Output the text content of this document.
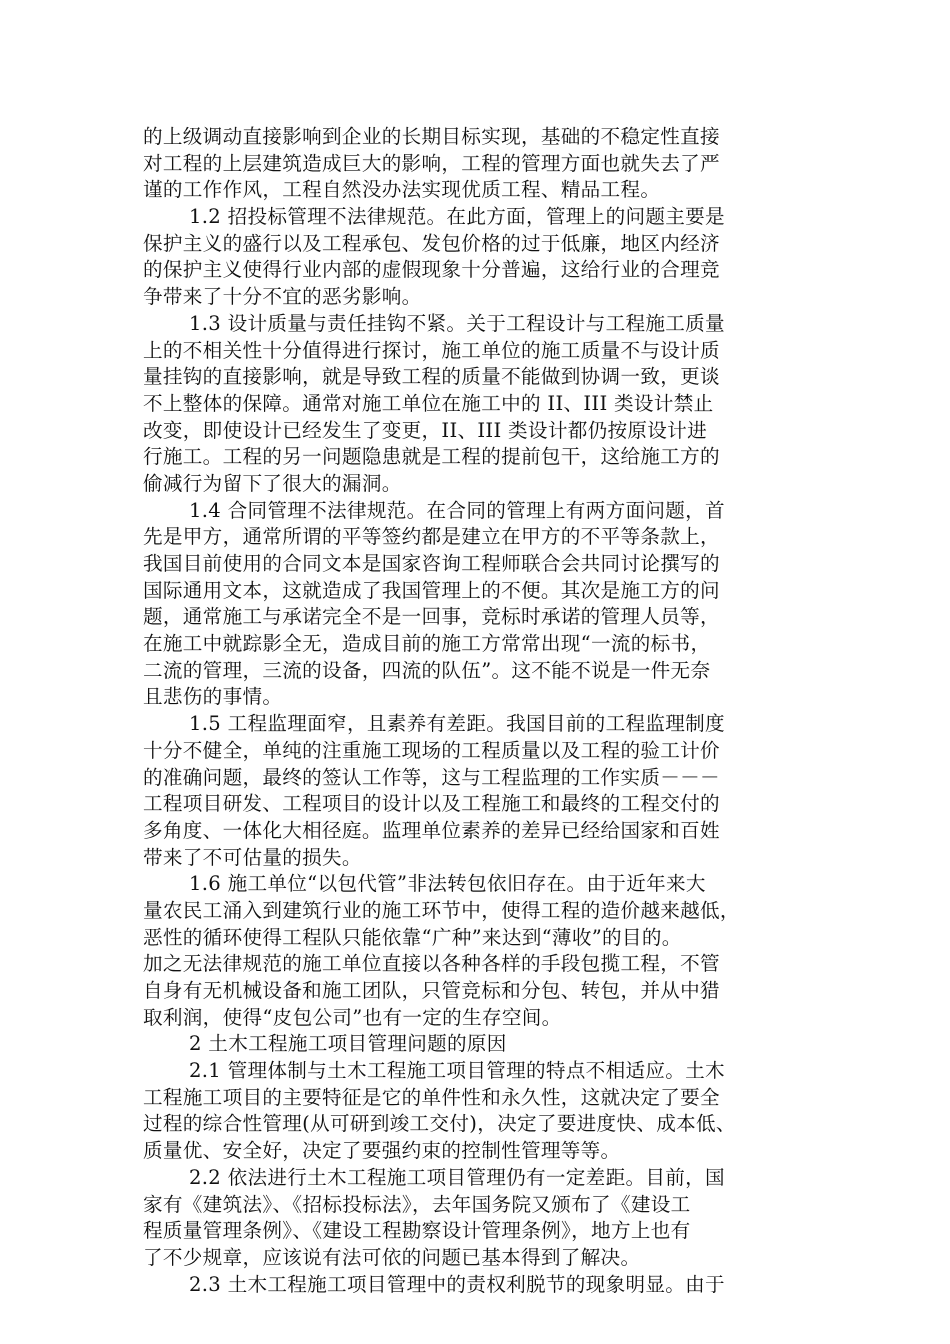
的上级调动直接影响到企业的长期目标实现，基础的不稳定性直接
对工程的上层建筑造成巨大的影响，工程的管理方面也就失去了严
谨的工作作风，工程自然没办法实现优质工程、精品工程。
1.2 招投标管理不法律规范。在此方面，管理上的问题主要是
保护主义的盛行以及工程承包、发包价格的过于低廉，地区内经济
的保护主义使得行业内部的虚假现象十分普遍，这给行业的合理竞
争带来了十分不宜的恶劣影响。
1.3 设计质量与责任挂钩不紧。关于工程设计与工程施工质量
上的不相关性十分值得进行探讨，施工单位的施工质量不与设计质
量挂钩的直接影响，就是导致工程的质量不能做到协调一致，更谈
不上整体的保障。通常对施工单位在施工中的 II、III 类设计禁止
改变，即使设计已经发生了变更，II、III 类设计都仍按原设计进
行施工。工程的另一问题隐患就是工程的提前包干，这给施工方的
偷减行为留下了很大的漏洞。
1.4 合同管理不法律规范。在合同的管理上有两方面问题，首
先是甲方，通常所谓的平等签约都是建立在甲方的不平等条款上，
我国目前使用的合同文本是国家咨询工程师联合会共同讨论撰写的
国际通用文本，这就造成了我国管理上的不便。其次是施工方的问
题，通常施工与承诺完全不是一回事，竞标时承诺的管理人员等，
在施工中就踪影全无，造成目前的施工方常常出现“一流的标书，
二流的管理，三流的设备，四流的队伍”。这不能不说是一件无奈
且悲伤的事情。
1.5 工程监理面窄，且素养有差距。我国目前的工程监理制度
十分不健全，单纯的注重施工现场的工程质量以及工程的验工计价
的准确问题，最终的签认工作等，这与工程监理的工作实质－－－
工程项目研发、工程项目的设计以及工程施工和最终的工程交付的
多角度、一体化大相径庭。监理单位素养的差异已经给国家和百姓
带来了不可估量的损失。
1.6 施工单位“以包代管”非法转包依旧存在。由于近年来大
量农民工涌入到建筑行业的施工环节中，使得工程的造价越来越低，
恶性的循环使得工程队只能依靠“广种”来达到“薄收”的目的。
加之无法律规范的施工单位直接以各种各样的手段包揽工程，不管
自身有无机械设备和施工团队，只管竞标和分包、转包，并从中猎
取利润，使得“皮包公司”也有一定的生存空间。
2 土木工程施工项目管理问题的原因
2.1 管理体制与土木工程施工项目管理的特点不相适应。土木
工程施工项目的主要特征是它的单件性和永久性，这就决定了要全
过程的综合性管理(从可研到竣工交付)，决定了要进度快、成本低、
质量优、安全好，决定了要强约束的控制性管理等等。
2.2 依法进行土木工程施工项目管理仍有一定差距。目前，国
家有《建筑法》、《招标投标法》，去年国务院又颁布了《建设工
程质量管理条例》、《建设工程勘察设计管理条例》，地方上也有
了不少规章，应该说有法可依的问题已基本得到了解决。
2.3 土木工程施工项目管理中的责权利脱节的现象明显。由于
